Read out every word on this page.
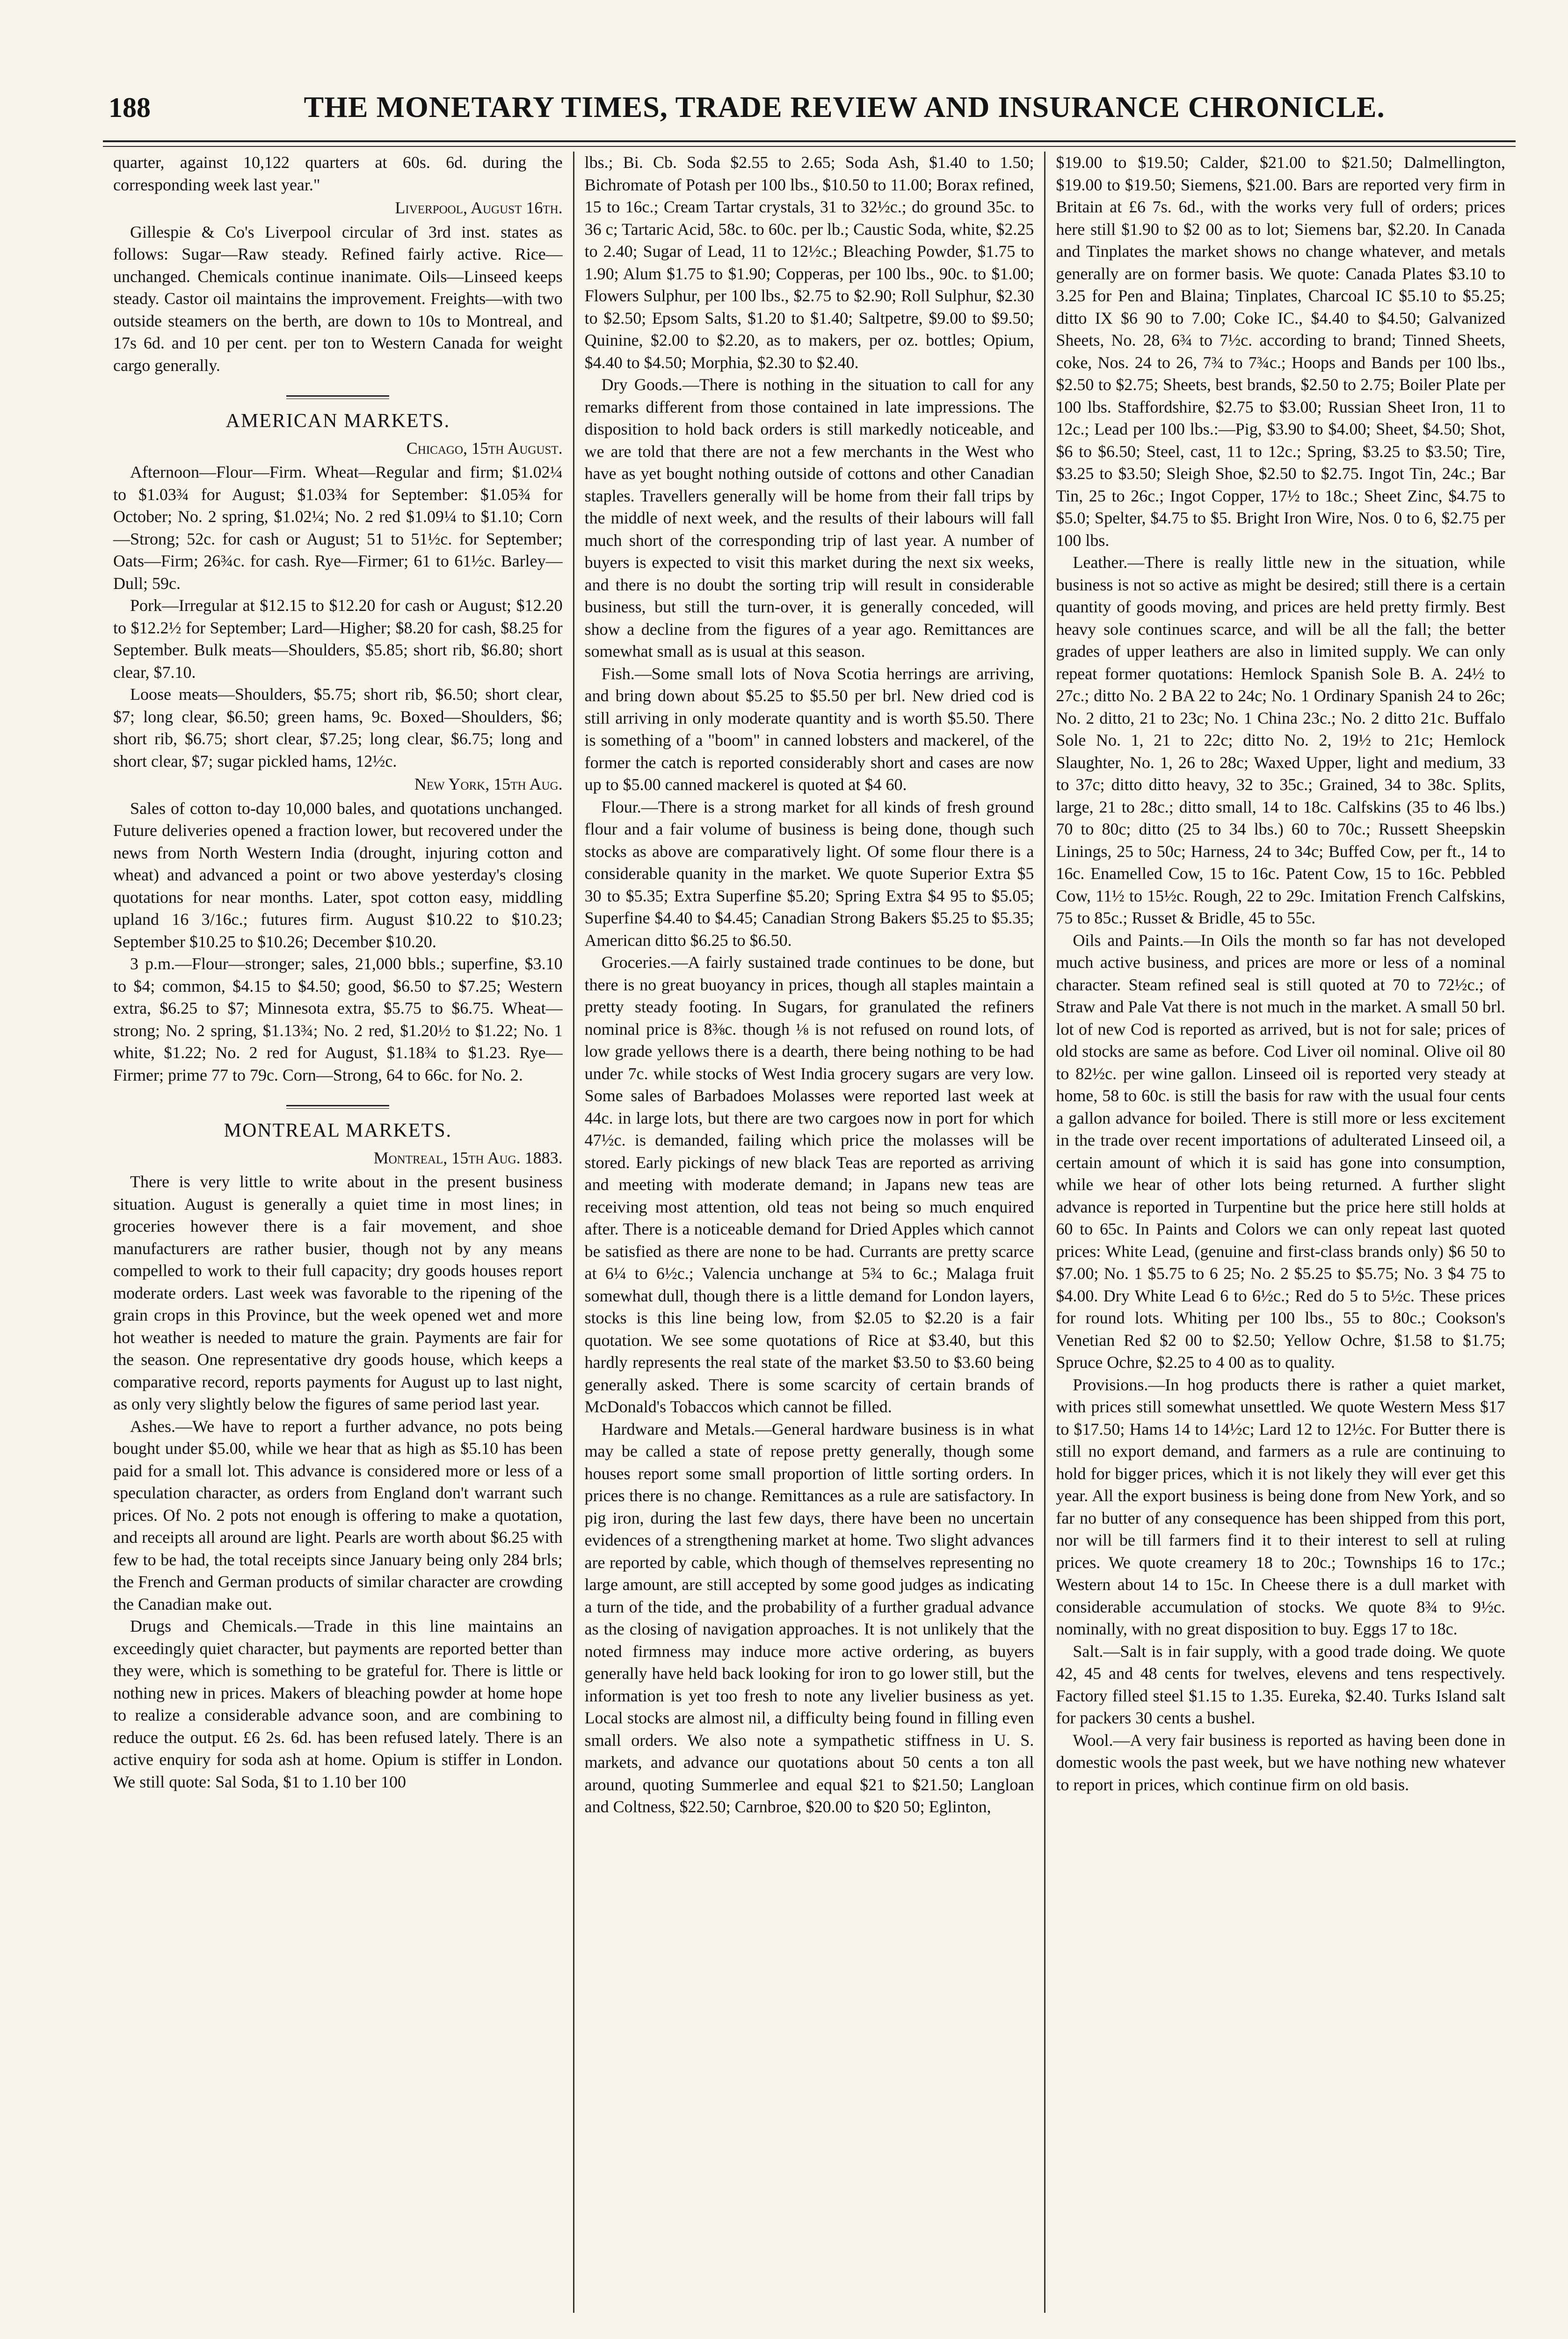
188	THE MONETARY TIMES, TRADE REVIEW AND INSURANCE CHRONICLE.

quarter, against 10,122 quarters at 60s. 6d. during the corresponding week last year."

Liverpool, August 16th.

Gillespie & Co's Liverpool circular of 3rd inst. states as follows: Sugar—Raw steady. Refined fairly active. Rice—unchanged. Chemicals continue inanimate. Oils—Linseed keeps steady. Castor oil maintains the improvement. Freights—with two outside steamers on the berth, are down to 10s to Montreal, and 17s 6d. and 10 per cent. per ton to Western Canada for weight cargo generally.

AMERICAN MARKETS.
Chicago, 15th August.

Afternoon—Flour—Firm. Wheat—Regular and firm; $1.02¼ to $1.03¾ for August; $1.03¾ for September: $1.05¾ for October; No. 2 spring, $1.02¼; No. 2 red $1.09¼ to $1.10; Corn—Strong; 52c. for cash or August; 51 to 51½c. for September; Oats—Firm; 26¾c. for cash. Rye—Firmer; 61 to 61½c. Barley—Dull; 59c.

Pork—Irregular at $12.15 to $12.20 for cash or August; $12.20 to $12.2½ for September; Lard—Higher; $8.20 for cash, $8.25 for September. Bulk meats—Shoulders, $5.85; short rib, $6.80; short clear, $7.10.

Loose meats—Shoulders, $5.75; short rib, $6.50; short clear, $7; long clear, $6.50; green hams, 9c. Boxed—Shoulders, $6; short rib, $6.75; short clear, $7.25; long clear, $6.75; long and short clear, $7; sugar pickled hams, 12½c.

New York, 15th Aug.

Sales of cotton to-day 10,000 bales, and quotations unchanged. Future deliveries opened a fraction lower, but recovered under the news from North Western India (drought, injuring cotton and wheat) and advanced a point or two above yesterday's closing quotations for near months. Later, spot cotton easy, middling upland 16 3/16c.; futures firm. August $10.22 to $10.23; September $10.25 to $10.26; December $10.20.

3 p.m.—Flour—stronger; sales, 21,000 bbls.; superfine, $3.10 to $4; common, $4.15 to $4.50; good, $6.50 to $7.25; Western extra, $6.25 to $7; Minnesota extra, $5.75 to $6.75. Wheat—strong; No. 2 spring, $1.13¾; No. 2 red, $1.20½ to $1.22; No. 1 white, $1.22; No. 2 red for August, $1.18¾ to $1.23. Rye—Firmer; prime 77 to 79c. Corn—Strong, 64 to 66c. for No. 2.

MONTREAL MARKETS.
Montreal, 15th Aug. 1883.

There is very little to write about in the present business situation. August is generally a quiet time in most lines; in groceries however there is a fair movement, and shoe manufacturers are rather busier, though not by any means compelled to work to their full capacity; dry goods houses report moderate orders. Last week was favorable to the ripening of the grain crops in this Province, but the week opened wet and more hot weather is needed to mature the grain. Payments are fair for the season. One representative dry goods house, which keeps a comparative record, reports payments for August up to last night, as only very slightly below the figures of same period last year.

Ashes.—We have to report a further advance, no pots being bought under $5.00, while we hear that as high as $5.10 has been paid for a small lot. This advance is considered more or less of a speculation character, as orders from England don't warrant such prices. Of No. 2 pots not enough is offering to make a quotation, and receipts all around are light. Pearls are worth about $6.25 with few to be had, the total receipts since January being only 284 brls; the French and German products of similar character are crowding the Canadian make out.

Drugs and Chemicals.—Trade in this line maintains an exceedingly quiet character, but payments are reported better than they were, which is something to be grateful for. There is little or nothing new in prices. Makers of bleaching powder at home hope to realize a considerable advance soon, and are combining to reduce the output. £6 2s. 6d. has been refused lately. There is an active enquiry for soda ash at home. Opium is stiffer in London. We still quote: Sal Soda, $1 to 1.10 ber 100

lbs.; Bi. Cb. Soda $2.55 to 2.65; Soda Ash, $1.40 to 1.50; Bichromate of Potash per 100 lbs., $10.50 to 11.00; Borax refined, 15 to 16c.; Cream Tartar crystals, 31 to 32½c.; do ground 35c. to 36 c; Tartaric Acid, 58c. to 60c. per lb.; Caustic Soda, white, $2.25 to 2.40; Sugar of Lead, 11 to 12½c.; Bleaching Powder, $1.75 to 1.90; Alum $1.75 to $1.90; Copperas, per 100 lbs., 90c. to $1.00; Flowers Sulphur, per 100 lbs., $2.75 to $2.90; Roll Sulphur, $2.30 to $2.50; Epsom Salts, $1.20 to $1.40; Saltpetre, $9.00 to $9.50; Quinine, $2.00 to $2.20, as to makers, per oz. bottles; Opium, $4.40 to $4.50; Morphia, $2.30 to $2.40.

Dry Goods.—There is nothing in the situation to call for any remarks different from those contained in late impressions. The disposition to hold back orders is still markedly noticeable, and we are told that there are not a few merchants in the West who have as yet bought nothing outside of cottons and other Canadian staples. Travellers generally will be home from their fall trips by the middle of next week, and the results of their labours will fall much short of the corresponding trip of last year. A number of buyers is expected to visit this market during the next six weeks, and there is no doubt the sorting trip will result in considerable business, but still the turn-over, it is generally conceded, will show a decline from the figures of a year ago. Remittances are somewhat small as is usual at this season.

Fish.—Some small lots of Nova Scotia herrings are arriving, and bring down about $5.25 to $5.50 per brl. New dried cod is still arriving in only moderate quantity and is worth $5.50. There is something of a "boom" in canned lobsters and mackerel, of the former the catch is reported considerably short and cases are now up to $5.00 canned mackerel is quoted at $4 60.

Flour.—There is a strong market for all kinds of fresh ground flour and a fair volume of business is being done, though such stocks as above are comparatively light. Of some flour there is a considerable quanity in the market. We quote Superior Extra $5 30 to $5.35; Extra Superfine $5.20; Spring Extra $4 95 to $5.05; Superfine $4.40 to $4.45; Canadian Strong Bakers $5.25 to $5.35; American ditto $6.25 to $6.50.

Groceries.—A fairly sustained trade continues to be done, but there is no great buoyancy in prices, though all staples maintain a pretty steady footing. In Sugars, for granulated the refiners nominal price is 8⅜c. though ⅛ is not refused on round lots, of low grade yellows there is a dearth, there being nothing to be had under 7c. while stocks of West India grocery sugars are very low. Some sales of Barbadoes Molasses were reported last week at 44c. in large lots, but there are two cargoes now in port for which 47½c. is demanded, failing which price the molasses will be stored. Early pickings of new black Teas are reported as arriving and meeting with moderate demand; in Japans new teas are receiving most attention, old teas not being so much enquired after. There is a noticeable demand for Dried Apples which cannot be satisfied as there are none to be had. Currants are pretty scarce at 6¼ to 6½c.; Valencia unchange at 5¾ to 6c.; Malaga fruit somewhat dull, though there is a little demand for London layers, stocks is this line being low, from $2.05 to $2.20 is a fair quotation. We see some quotations of Rice at $3.40, but this hardly represents the real state of the market $3.50 to $3.60 being generally asked. There is some scarcity of certain brands of McDonald's Tobaccos which cannot be filled.

Hardware and Metals.—General hardware business is in what may be called a state of repose pretty generally, though some houses report some small proportion of little sorting orders. In prices there is no change. Remittances as a rule are satisfactory. In pig iron, during the last few days, there have been no uncertain evidences of a strengthening market at home. Two slight advances are reported by cable, which though of themselves representing no large amount, are still accepted by some good judges as indicating a turn of the tide, and the probability of a further gradual advance as the closing of navigation approaches. It is not unlikely that the noted firmness may induce more active ordering, as buyers generally have held back looking for iron to go lower still, but the information is yet too fresh to note any livelier business as yet. Local stocks are almost nil, a difficulty being found in filling even small orders. We also note a sympathetic stiffness in U. S. markets, and advance our quotations about 50 cents a ton all around, quoting Summerlee and equal $21 to $21.50; Langloan and Coltness, $22.50; Carnbroe, $20.00 to $20 50; Eglinton,

$19.00 to $19.50; Calder, $21.00 to $21.50; Dalmellington, $19.00 to $19.50; Siemens, $21.00. Bars are reported very firm in Britain at £6 7s. 6d., with the works very full of orders; prices here still $1.90 to $2 00 as to lot; Siemens bar, $2.20. In Canada and Tinplates the market shows no change whatever, and metals generally are on former basis. We quote: Canada Plates $3.10 to 3.25 for Pen and Blaina; Tinplates, Charcoal IC $5.10 to $5.25; ditto IX $6 90 to 7.00; Coke IC., $4.40 to $4.50; Galvanized Sheets, No. 28, 6¾ to 7½c. according to brand; Tinned Sheets, coke, Nos. 24 to 26, 7¾ to 7¾c.; Hoops and Bands per 100 lbs., $2.50 to $2.75; Sheets, best brands, $2.50 to 2.75; Boiler Plate per 100 lbs. Staffordshire, $2.75 to $3.00; Russian Sheet Iron, 11 to 12c.; Lead per 100 lbs.:—Pig, $3.90 to $4.00; Sheet, $4.50; Shot, $6 to $6.50; Steel, cast, 11 to 12c.; Spring, $3.25 to $3.50; Tire, $3.25 to $3.50; Sleigh Shoe, $2.50 to $2.75. Ingot Tin, 24c.; Bar Tin, 25 to 26c.; Ingot Copper, 17½ to 18c.; Sheet Zinc, $4.75 to $5.0; Spelter, $4.75 to $5. Bright Iron Wire, Nos. 0 to 6, $2.75 per 100 lbs.

Leather.—There is really little new in the situation, while business is not so active as might be desired; still there is a certain quantity of goods moving, and prices are held pretty firmly. Best heavy sole continues scarce, and will be all the fall; the better grades of upper leathers are also in limited supply. We can only repeat former quotations: Hemlock Spanish Sole B. A. 24½ to 27c.; ditto No. 2 BA 22 to 24c; No. 1 Ordinary Spanish 24 to 26c; No. 2 ditto, 21 to 23c; No. 1 China 23c.; No. 2 ditto 21c. Buffalo Sole No. 1, 21 to 22c; ditto No. 2, 19½ to 21c; Hemlock Slaughter, No. 1, 26 to 28c; Waxed Upper, light and medium, 33 to 37c; ditto ditto heavy, 32 to 35c.; Grained, 34 to 38c. Splits, large, 21 to 28c.; ditto small, 14 to 18c. Calfskins (35 to 46 lbs.) 70 to 80c; ditto (25 to 34 lbs.) 60 to 70c.; Russett Sheepskin Linings, 25 to 50c; Harness, 24 to 34c; Buffed Cow, per ft., 14 to 16c. Enamelled Cow, 15 to 16c. Patent Cow, 15 to 16c. Pebbled Cow, 11½ to 15½c. Rough, 22 to 29c. Imitation French Calfskins, 75 to 85c.; Russet & Bridle, 45 to 55c.

Oils and Paints.—In Oils the month so far has not developed much active business, and prices are more or less of a nominal character. Steam refined seal is still quoted at 70 to 72½c.; of Straw and Pale Vat there is not much in the market. A small 50 brl. lot of new Cod is reported as arrived, but is not for sale; prices of old stocks are same as before. Cod Liver oil nominal. Olive oil 80 to 82½c. per wine gallon. Linseed oil is reported very steady at home, 58 to 60c. is still the basis for raw with the usual four cents a gallon advance for boiled. There is still more or less excitement in the trade over recent importations of adulterated Linseed oil, a certain amount of which it is said has gone into consumption, while we hear of other lots being returned. A further slight advance is reported in Turpentine but the price here still holds at 60 to 65c. In Paints and Colors we can only repeat last quoted prices: White Lead, (genuine and first-class brands only) $6 50 to $7.00; No. 1 $5.75 to 6 25; No. 2 $5.25 to $5.75; No. 3 $4 75 to $4.00. Dry White Lead 6 to 6½c.; Red do 5 to 5½c. These prices for round lots. Whiting per 100 lbs., 55 to 80c.; Cookson's Venetian Red $2 00 to $2.50; Yellow Ochre, $1.58 to $1.75; Spruce Ochre, $2.25 to 4 00 as to quality.

Provisions.—In hog products there is rather a quiet market, with prices still somewhat unsettled. We quote Western Mess $17 to $17.50; Hams 14 to 14½c; Lard 12 to 12½c. For Butter there is still no export demand, and farmers as a rule are continuing to hold for bigger prices, which it is not likely they will ever get this year. All the export business is being done from New York, and so far no butter of any consequence has been shipped from this port, nor will be till farmers find it to their interest to sell at ruling prices. We quote creamery 18 to 20c.; Townships 16 to 17c.; Western about 14 to 15c. In Cheese there is a dull market with considerable accumulation of stocks. We quote 8¾ to 9½c. nominally, with no great disposition to buy. Eggs 17 to 18c.

Salt.—Salt is in fair supply, with a good trade doing. We quote 42, 45 and 48 cents for twelves, elevens and tens respectively. Factory filled steel $1.15 to 1.35. Eureka, $2.40. Turks Island salt for packers 30 cents a bushel.

Wool.—A very fair business is reported as having been done in domestic wools the past week, but we have nothing new whatever to report in prices, which continue firm on old basis.
